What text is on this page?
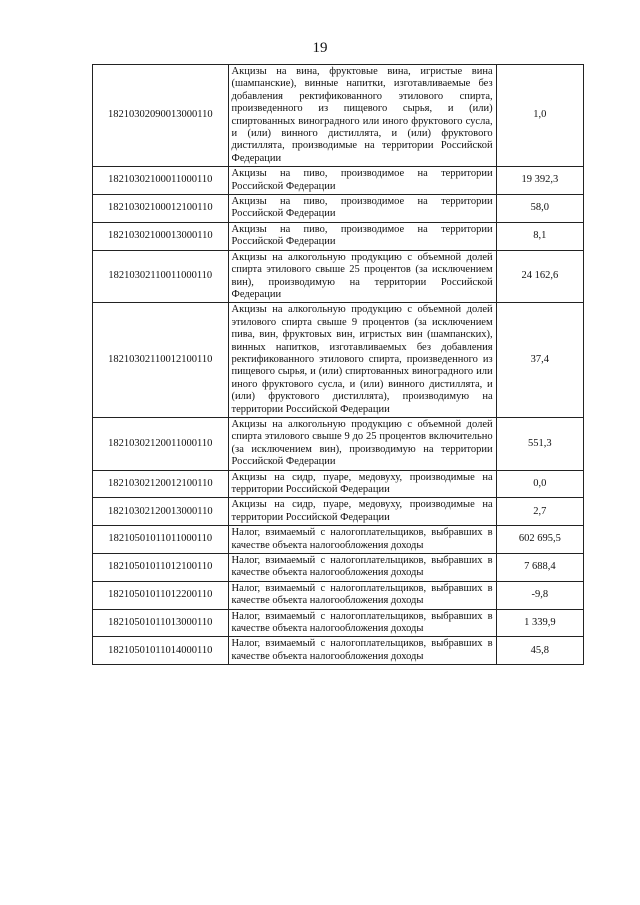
19
18210302090013000110	Акцизы на вина, фруктовые вина, игристые вина (шампанские), винные напитки, изготавливаемые без добавления ректификованного этилового спирта, произведенного из пищевого сырья, и (или) спиртованных виноградного или иного фруктового сусла, и (или) винного дистиллята, и (или) фруктового дистиллята, производимые на территории Российской Федерации	1,0
18210302100011000110	Акцизы на пиво, производимое на территории Российской Федерации	19 392,3
18210302100012100110	Акцизы на пиво, производимое на территории Российской Федерации	58,0
18210302100013000110	Акцизы на пиво, производимое на территории Российской Федерации	8,1
18210302110011000110	Акцизы на алкогольную продукцию с объемной долей спирта этилового свыше 25 процентов (за исключением вин), производимую на территории Российской Федерации	24 162,6
18210302110012100110	Акцизы на алкогольную продукцию с объемной долей этилового спирта свыше 9 процентов (за исключением пива, вин, фруктовых вин, игристых вин (шампанских), винных напитков, изготавливаемых без добавления ректификованного этилового спирта, произведенного из пищевого сырья, и (или) спиртованных виноградного или иного фруктового сусла, и (или) винного дистиллята, и (или) фруктового дистиллята), производимую на территории Российской Федерации	37,4
18210302120011000110	Акцизы на алкогольную продукцию с объемной долей спирта этилового свыше 9 до 25 процентов включительно (за исключением вин), производимую на территории Российской Федерации	551,3
18210302120012100110	Акцизы на сидр, пуаре, медовуху, производимые на территории Российской Федерации	0,0
18210302120013000110	Акцизы на сидр, пуаре, медовуху, производимые на территории Российской Федерации	2,7
18210501011011000110	Налог, взимаемый с налогоплательщиков, выбравших в качестве объекта налогообложения доходы	602 695,5
18210501011012100110	Налог, взимаемый с налогоплательщиков, выбравших в качестве объекта налогообложения доходы	7 688,4
18210501011012200110	Налог, взимаемый с налогоплательщиков, выбравших в качестве объекта налогообложения доходы	-9,8
18210501011013000110	Налог, взимаемый с налогоплательщиков, выбравших в качестве объекта налогообложения доходы	1 339,9
18210501011014000110	Налог, взимаемый с налогоплательщиков, выбравших в качестве объекта налогообложения доходы	45,8
